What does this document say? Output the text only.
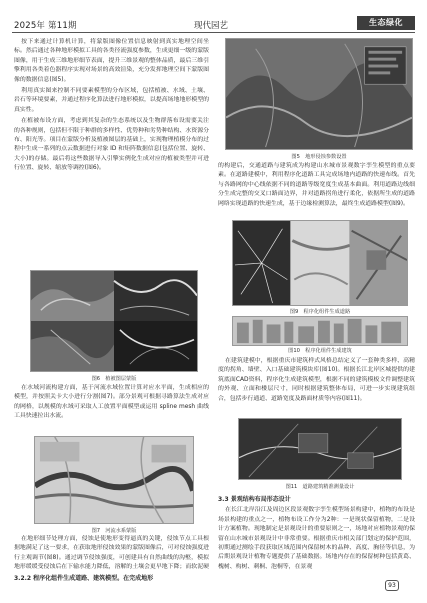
2025年 第11期	现代园艺	生态绿化

按下来通过计算机计算，将蒙版图像位置信息映射到真实地理空间坐标。然后通过各种地形模拟工具的各类径流强度参数，生成更细一级的蒙版图像，用于生成三维地形细节表面，提升三维景观的整体品质，最后三维引擎利用各类着色器程序实现对场景的高效渲染，充分发挥地理空间下蒙版图像的数据信息(图5)。

利用真实图来控制不同要素模型的分布区域，包括植被、水域、土壤、岩石等环境要素，并通过程序化算法进行地形模拟，以提高场地地形模型的真实性。

在植被布设方面，考虑到其复杂的生态系统以及生物群落布设需要关注的各种规则，包括但不限于种群的多样性、优势种和劣势种结构、水资源分布、阳光等。项目在蒙版分析及植被图层的基础上，实现物理植模分布的过程中生成一系列的点云数据进行对象 ID 和矩阵数据信息(包括位置、旋转、大小)的存储。最后将这些数据导入引擎实例化生成对应的植被类型并可进行位置、旋转、缩放等调控(图6)。

图6　植被图层蒙版

在水域河流构建方面，基于河流水域位置计算对应水平面，生成相应的模型，并按照关卡大小进行分割(图7)。部分景观可根据寻路算法生成对应的网格，以规模的水域可采取人工放置平面模型或运用 spline mesh 曲线工具快速拉出水流。

图7　河流水系蒙版

在地形细节处理方面，侵蚀是使地形变得逼真的关键，侵蚀节点工具根据地满足了这一要求，在获取地形侵蚀效果的蒙版图像后，可对侵蚀强度进行主观调节(图8)。通过调节侵蚀强度，可创建具有自然曲线的沟壑，模拟地形缓缓受侵蚀后在下输水能力降低，溶解的土壤会更早地下降；而软泥硬

3.2.2 程序化组件生成道路、建筑模型。在完成地形
图5　地形侵蚀参数设置

的构建后，交通道路与建筑成为构建山水城市景观数字孪生模型的重点要素。在道路建模中，利用程序化道路工具完成场地内道路的快速布线。首先与各路网的中心线依据不同的道路等级宽度生成基本曲面。利用道路边线细分生成完整的交叉口路面边界，并对道路拐角进行柔化，依据所生成的道路网络实现道路的快速生成，基于边缘检测算法，最终生成道路模型(图9)。

图9　程序化组件生成道路
图10　程序化组件生成建筑

在建筑建模中，根据重庆市建筑样式风格总结定义了一套种类多样、高精度的拐角、墙壁、入口基础建筑模块库(图10)。根据长江北岸区城提供的建筑底面CAD资料，程序化生成建筑模型，根据不同的建筑模板文件调整建筑的外观、立面和楼层尺寸，同时根据建筑整体布局，可进一步实现建筑组合，包括步行通道、道路宽度及路面材质等内容(图11)。

图11　道路建筑精准测量设计
3.3 景观结构布局形态设计

在长江北岸沿江及周边区段景观数字孪生模型场景构建中，植物的布设是场景构建的重点之一，植物布设工作分为2种：一是现状保留植物，二是设计方案植物。现地制定是景观设计的重要原则之一，场地对应植物景观的保留在山水城市景观设计中非常重要。根据重庆市相关部门划定的保护范围，初期通过测绘手段获取区域范围内保留树木的品种、高度、胸径等信息，为后期景观设计植物专题提供了基础数据。场地内存在的保留树种包括黄葛、槐树、构树、刺桐、泡桐等，在景观

93
